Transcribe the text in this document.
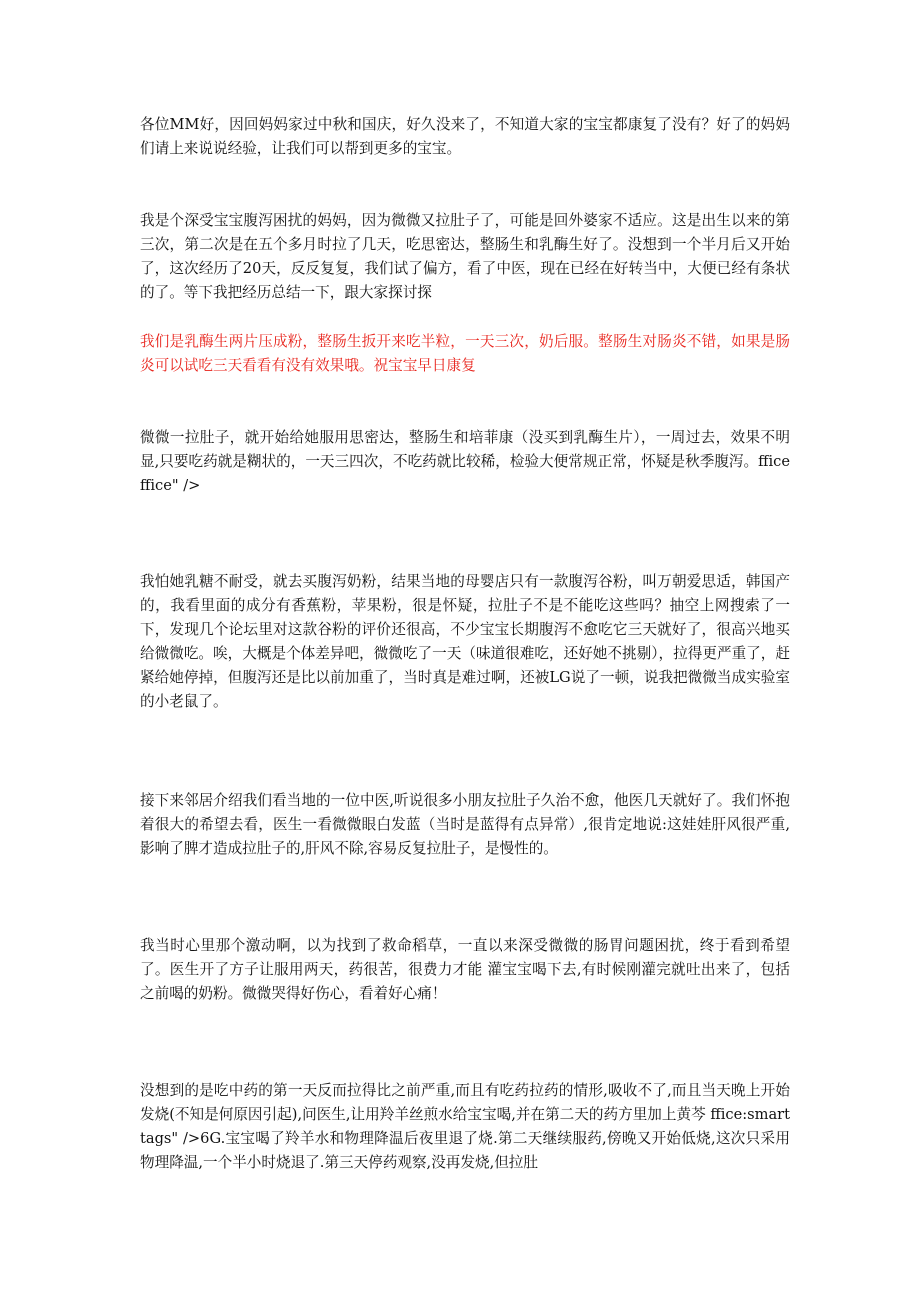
各位MM好，因回妈妈家过中秋和国庆，好久没来了，不知道大家的宝宝都康复了没有？好了的妈妈们请上来说说经验，让我们可以帮到更多的宝宝。

我是个深受宝宝腹泻困扰的妈妈，因为微微又拉肚子了，可能是回外婆家不适应。这是出生以来的第三次，第二次是在五个多月时拉了几天，吃思密达，整肠生和乳酶生好了。没想到一个半月后又开始了，这次经历了20天，反反复复，我们试了偏方，看了中医，现在已经在好转当中，大便已经有条状的了。等下我把经历总结一下，跟大家探讨探

我们是乳酶生两片压成粉，整肠生扳开来吃半粒，一天三次，奶后服。整肠生对肠炎不错，如果是肠炎可以试吃三天看看有没有效果哦。祝宝宝早日康复

微微一拉肚子，就开始给她服用思密达，整肠生和培菲康（没买到乳酶生片），一周过去，效果不明显,只要吃药就是糊状的，一天三四次，不吃药就比较稀，检验大便常规正常，怀疑是秋季腹泻。fficeffice" />

我怕她乳糖不耐受，就去买腹泻奶粉，结果当地的母婴店只有一款腹泻谷粉，叫万朝爱思适，韩国产的，我看里面的成分有香蕉粉，苹果粉，很是怀疑，拉肚子不是不能吃这些吗？抽空上网搜索了一下，发现几个论坛里对这款谷粉的评价还很高，不少宝宝长期腹泻不愈吃它三天就好了，很高兴地买给微微吃。唉，大概是个体差异吧，微微吃了一天（味道很难吃，还好她不挑剔），拉得更严重了，赶紧给她停掉，但腹泻还是比以前加重了，当时真是难过啊，还被LG说了一顿，说我把微微当成实验室的小老鼠了。

接下来邻居介绍我们看当地的一位中医,听说很多小朋友拉肚子久治不愈，他医几天就好了。我们怀抱着很大的希望去看，医生一看微微眼白发蓝（当时是蓝得有点异常）,很肯定地说:这娃娃肝风很严重,影响了脾才造成拉肚子的,肝风不除,容易反复拉肚子，是慢性的。

我当时心里那个激动啊，以为找到了救命稻草，一直以来深受微微的肠胃问题困扰，终于看到希望了。医生开了方子让服用两天，药很苦，很费力才能 灌宝宝喝下去,有时候刚灌完就吐出来了，包括之前喝的奶粉。微微哭得好伤心，看着好心痛！

没想到的是吃中药的第一天反而拉得比之前严重,而且有吃药拉药的情形,吸收不了,而且当天晚上开始发烧(不知是何原因引起),问医生,让用羚羊丝煎水给宝宝喝,并在第二天的药方里加上黄芩 ffice:smarttags" />6G.宝宝喝了羚羊水和物理降温后夜里退了烧.第二天继续服药,傍晚又开始低烧,这次只采用物理降温,一个半小时烧退了.第三天停药观察,没再发烧,但拉肚
